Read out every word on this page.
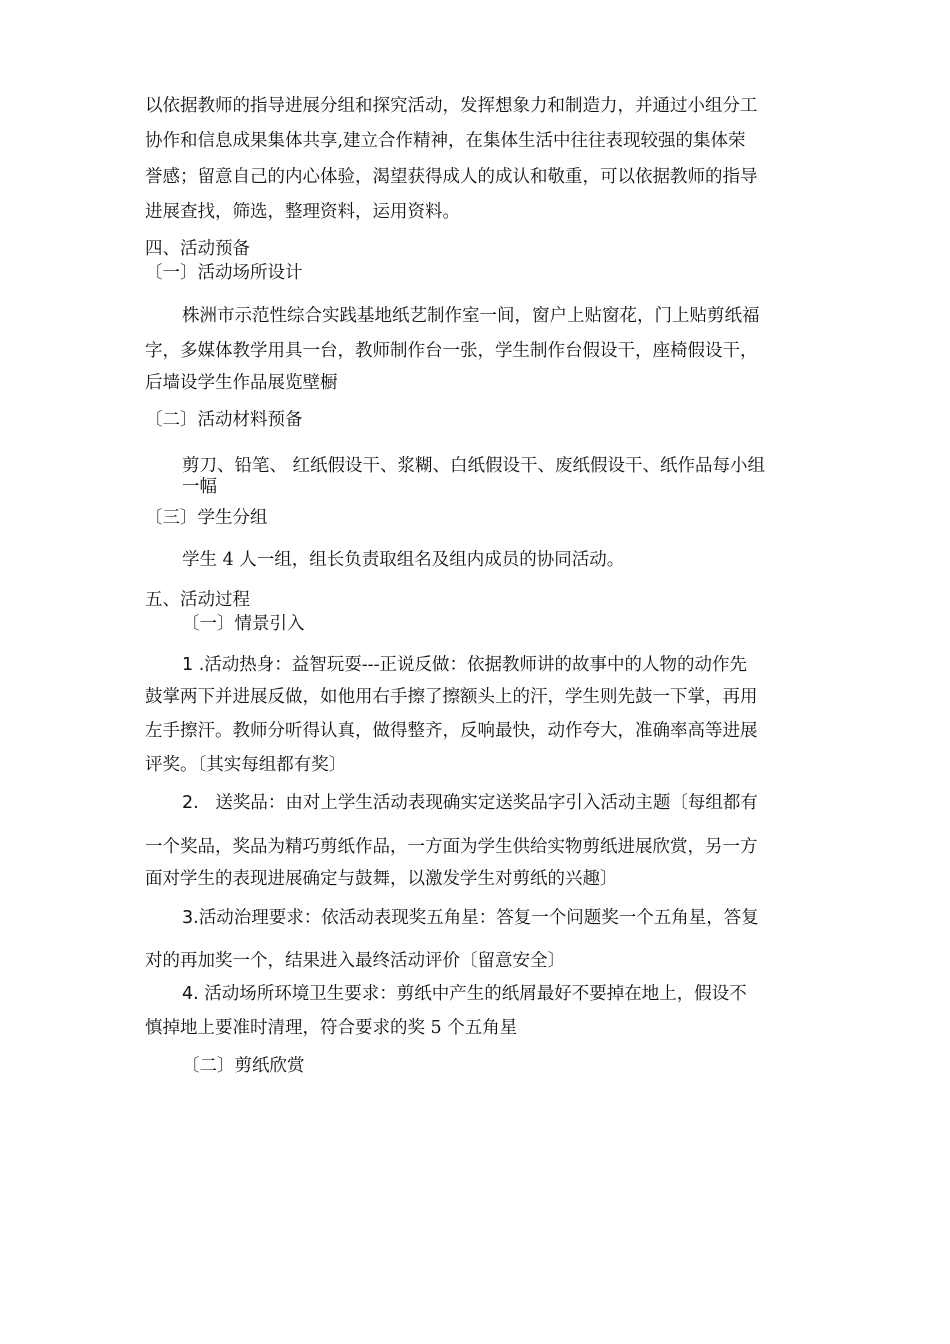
以依据教师的指导进展分组和探究活动，发挥想象力和制造力，并通过小组分工
协作和信息成果集体共享,建立合作精神，在集体生活中往往表现较强的集体荣
誉感；留意自己的内心体验，渴望获得成人的成认和敬重，可以依据教师的指导
进展查找，筛选，整理资料，运用资料。
四、活动预备
〔一〕活动场所设计
株洲市示范性综合实践基地纸艺制作室一间，窗户上贴窗花，门上贴剪纸福
字，多媒体教学用具一台，教师制作台一张，学生制作台假设干，座椅假设干，
后墙设学生作品展览壁橱
〔二〕活动材料预备
剪刀、铅笔、 红纸假设干、浆糊、白纸假设干、废纸假设干、纸作品每小组
一幅
〔三〕学生分组
学生 4 人一组，组长负责取组名及组内成员的协同活动。
五、活动过程
〔一〕情景引入
1 .活动热身：益智玩耍---正说反做：依据教师讲的故事中的人物的动作先
鼓掌两下并进展反做，如他用右手擦了擦额头上的汗，学生则先鼓一下掌，再用
左手擦汗。教师分听得认真，做得整齐，反响最快，动作夸大，准确率高等进展
评奖。〔其实每组都有奖〕
2.   送奖品：由对上学生活动表现确实定送奖品字引入活动主题〔每组都有
一个奖品，奖品为精巧剪纸作品，一方面为学生供给实物剪纸进展欣赏，另一方
面对学生的表现进展确定与鼓舞，以激发学生对剪纸的兴趣〕
3.活动治理要求：依活动表现奖五角星：答复一个问题奖一个五角星，答复
对的再加奖一个，结果进入最终活动评价〔留意安全〕
4. 活动场所环境卫生要求：剪纸中产生的纸屑最好不要掉在地上，假设不
慎掉地上要准时清理，符合要求的奖 5 个五角星
〔二〕剪纸欣赏
